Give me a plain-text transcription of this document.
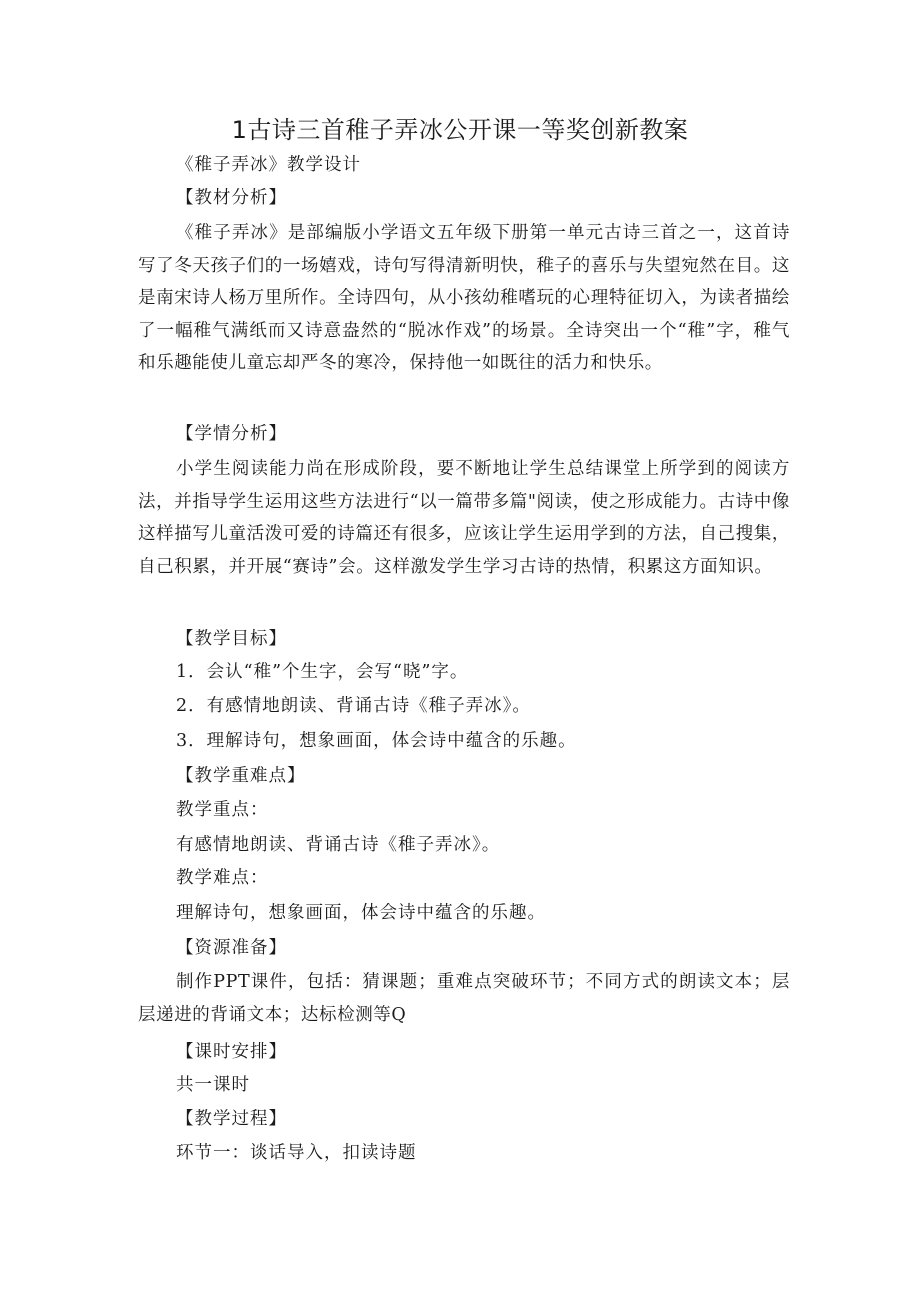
1古诗三首稚子弄冰公开课一等奖创新教案
《稚子弄冰》教学设计
【教材分析】
《稚子弄冰》是部编版小学语文五年级下册第一单元古诗三首之一，这首诗写了冬天孩子们的一场嬉戏，诗句写得清新明快，稚子的喜乐与失望宛然在目。这是南宋诗人杨万里所作。全诗四句，从小孩幼稚嗜玩的心理特征切入，为读者描绘了一幅稚气满纸而又诗意盎然的“脱冰作戏”的场景。全诗突出一个“稚”字，稚气和乐趣能使儿童忘却严冬的寒冷，保持他一如既往的活力和快乐。
【学情分析】
小学生阅读能力尚在形成阶段，要不断地让学生总结课堂上所学到的阅读方法，并指导学生运用这些方法进行“以一篇带多篇"阅读，使之形成能力。古诗中像这样描写儿童活泼可爱的诗篇还有很多，应该让学生运用学到的方法，自己搜集，自己积累，并开展“赛诗”会。这样激发学生学习古诗的热情，积累这方面知识。
【教学目标】
1．会认“稚”个生字，会写“晓”字。
2．有感情地朗读、背诵古诗《稚子弄冰》。
3．理解诗句，想象画面，体会诗中蕴含的乐趣。
【教学重难点】
教学重点：
有感情地朗读、背诵古诗《稚子弄冰》。
教学难点：
理解诗句，想象画面，体会诗中蕴含的乐趣。
【资源准备】
制作PPT课件，包括：猜课题；重难点突破环节；不同方式的朗读文本；层层递进的背诵文本；达标检测等Q
【课时安排】
共一课时
【教学过程】
环节一：谈话导入，扣读诗题
